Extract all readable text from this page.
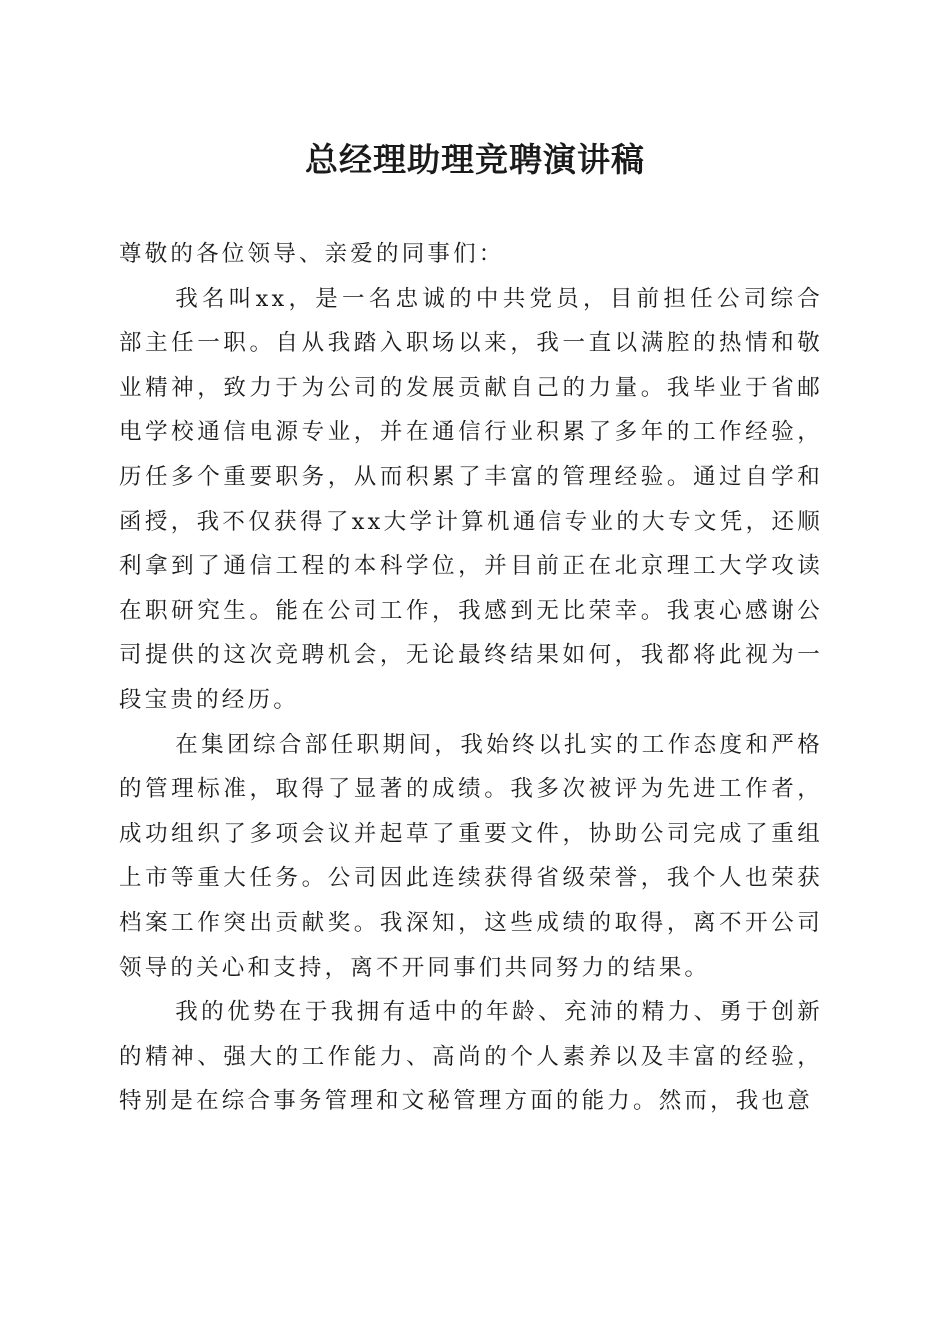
总经理助理竞聘演讲稿

尊敬的各位领导、亲爱的同事们：

我名叫xx，是一名忠诚的中共党员，目前担任公司综合部主任一职。自从我踏入职场以来，我一直以满腔的热情和敬业精神，致力于为公司的发展贡献自己的力量。我毕业于省邮电学校通信电源专业，并在通信行业积累了多年的工作经验，历任多个重要职务，从而积累了丰富的管理经验。通过自学和函授，我不仅获得了xx大学计算机通信专业的大专文凭，还顺利拿到了通信工程的本科学位，并目前正在北京理工大学攻读在职研究生。能在公司工作，我感到无比荣幸。我衷心感谢公司提供的这次竞聘机会，无论最终结果如何，我都将此视为一段宝贵的经历。

在集团综合部任职期间，我始终以扎实的工作态度和严格的管理标准，取得了显著的成绩。我多次被评为先进工作者，成功组织了多项会议并起草了重要文件，协助公司完成了重组上市等重大任务。公司因此连续获得省级荣誉，我个人也荣获档案工作突出贡献奖。我深知，这些成绩的取得，离不开公司领导的关心和支持，离不开同事们共同努力的结果。

我的优势在于我拥有适中的年龄、充沛的精力、勇于创新的精神、强大的工作能力、高尚的个人素养以及丰富的经验，特别是在综合事务管理和文秘管理方面的能力。然而，我也意
